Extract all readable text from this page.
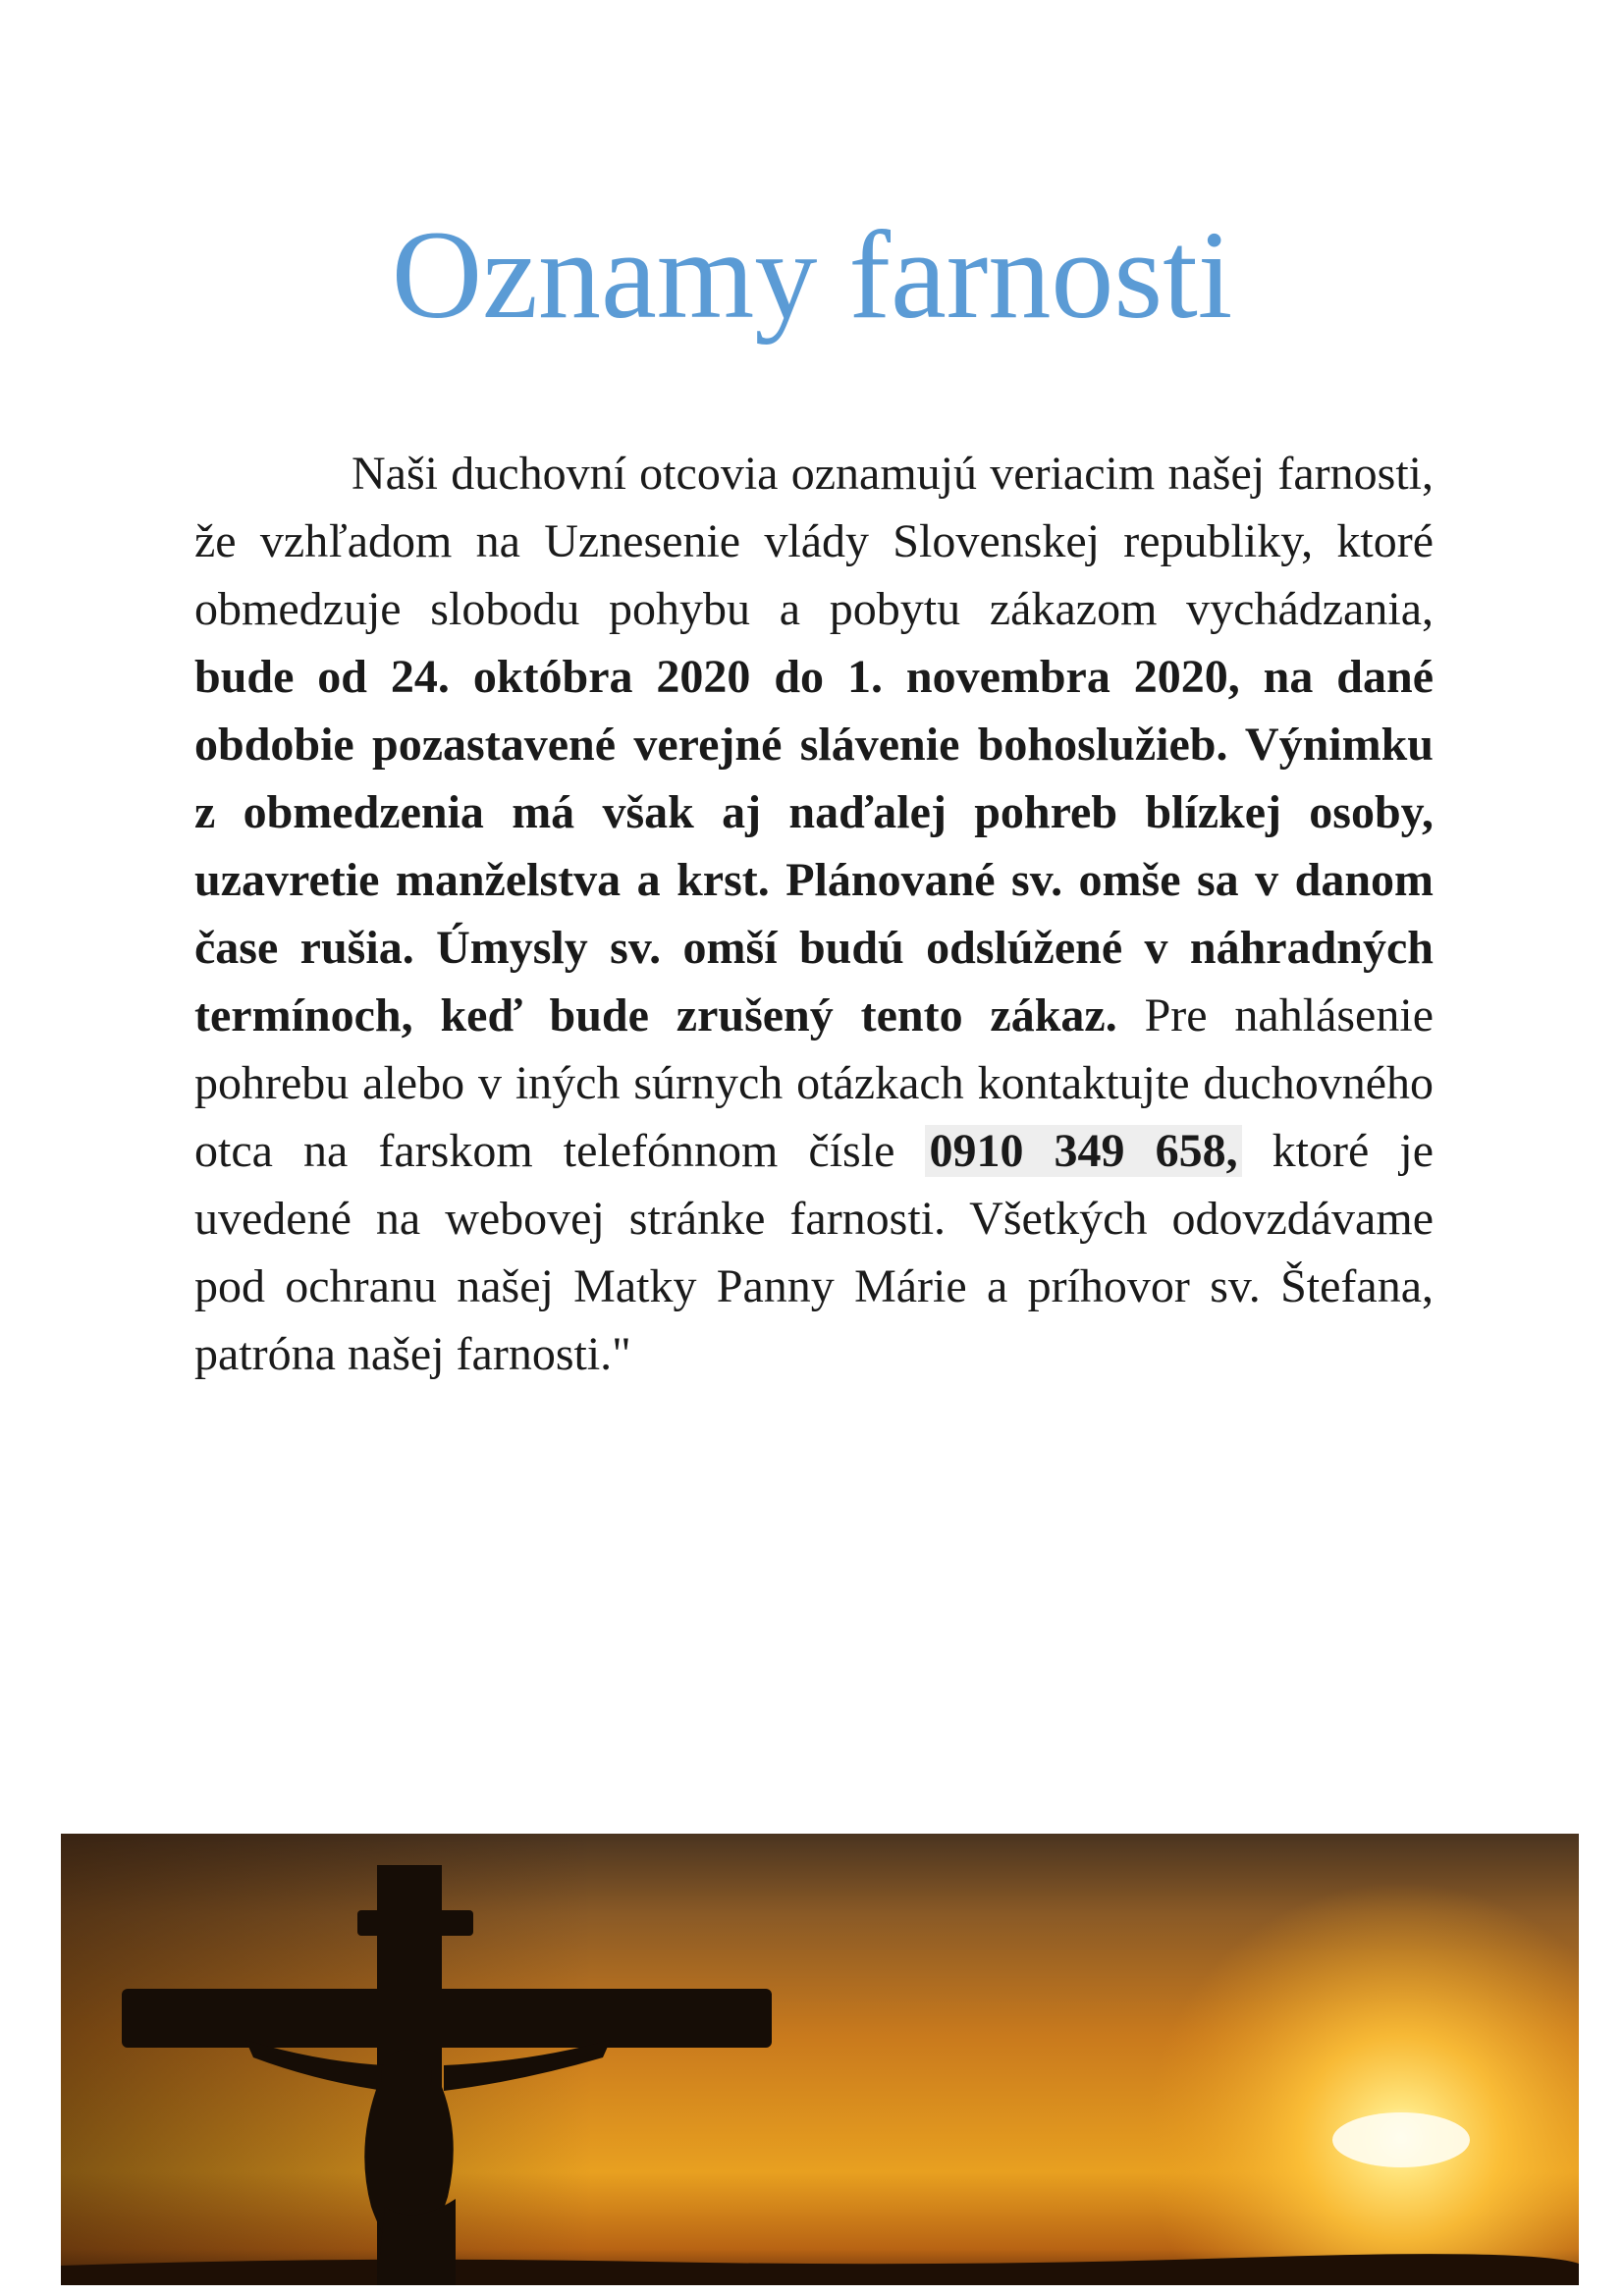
Oznamy farnosti

Naši duchovní otcovia oznamujú veriacim našej farnosti, že vzhľadom na Uznesenie vlády Slovenskej republiky, ktoré obmedzuje slobodu pohybu a pobytu zákazom vychádzania, bude od 24. októbra 2020 do 1. novembra 2020, na dané obdobie pozastavené verejné slávenie bohoslužieb. Výnimku z obmedzenia má však aj naďalej pohreb blízkej osoby, uzavretie manželstva a krst. Plánované sv. omše sa v danom čase rušia. Úmysly sv. omší budú odslúžené v náhradných termínoch, keď bude zrušený tento zákaz. Pre nahlásenie pohrebu alebo v iných súrnych otázkach kontaktujte duchovného otca na farskom telefónnom čísle 0910 349 658, ktoré je uvedené na webovej stránke farnosti. Všetkých odovzdávame pod ochranu našej Matky Panny Márie a príhovor sv. Štefana, patróna našej farnosti."
